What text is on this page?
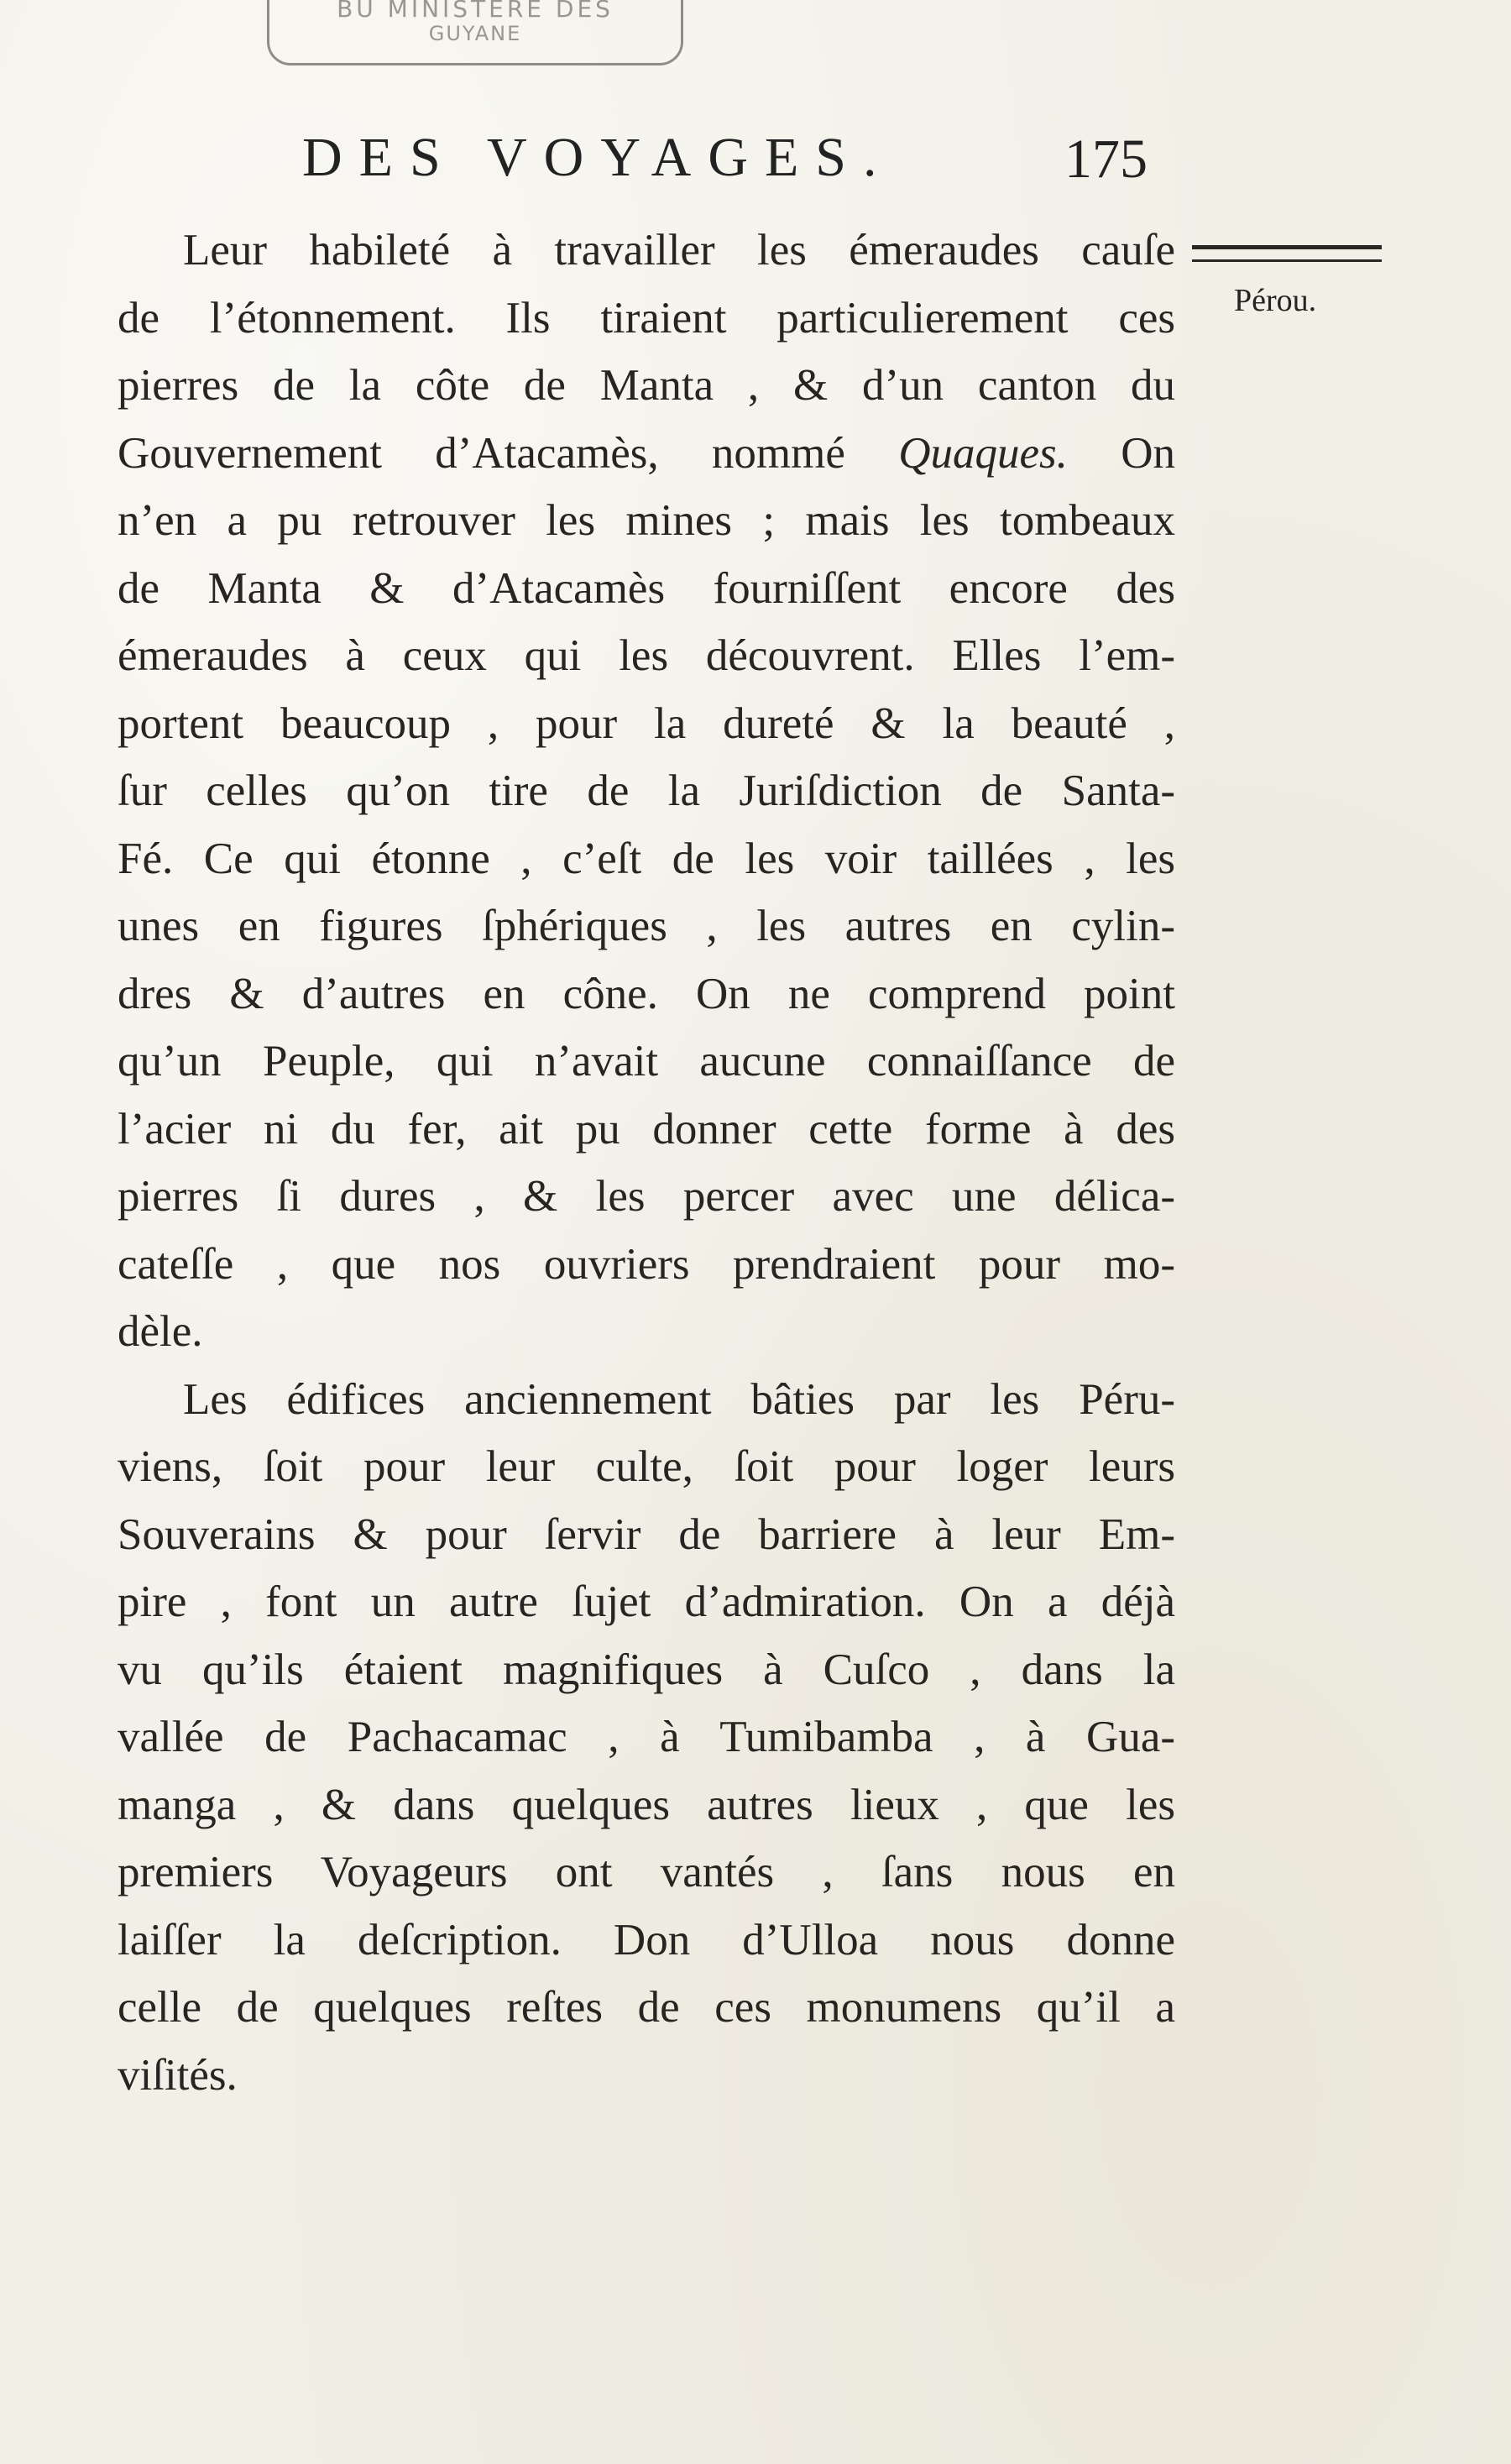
BU MINISTERE DES
GUYANE
DES VOYAGES.	175
Pérou.
Leur habileté à travailler les émeraudes cauſe
de l’étonnement. Ils tiraient particulierement ces
pierres de la côte de Manta , & d’un canton du
Gouvernement d’Atacamès, nommé Quaques. On
n’en a pu retrouver les mines ; mais les tombeaux
de Manta & d’Atacamès fourniſſent encore des
émeraudes à ceux qui les découvrent. Elles l’em-
portent beaucoup , pour la dureté & la beauté ,
ſur celles qu’on tire de la Juriſdiction de Santa-
Fé. Ce qui étonne , c’eſt de les voir taillées , les
unes en figures ſphériques , les autres en cylin-
dres & d’autres en cône. On ne comprend point
qu’un Peuple, qui n’avait aucune connaiſſance de
l’acier ni du fer, ait pu donner cette forme à des
pierres ſi dures , & les percer avec une délica-
cateſſe , que nos ouvriers prendraient pour mo-
dèle.
Les édifices anciennement bâties par les Péru-
viens, ſoit pour leur culte, ſoit pour loger leurs
Souverains & pour ſervir de barriere à leur Em-
pire , font un autre ſujet d’admiration. On a déjà
vu qu’ils étaient magnifiques à Cuſco , dans la
vallée de Pachacamac , à Tumibamba , à Gua-
manga , & dans quelques autres lieux , que les
premiers Voyageurs ont vantés , ſans nous en
laiſſer la deſcription. Don d’Ulloa nous donne
celle de quelques reſtes de ces monumens qu’il a
viſités.
